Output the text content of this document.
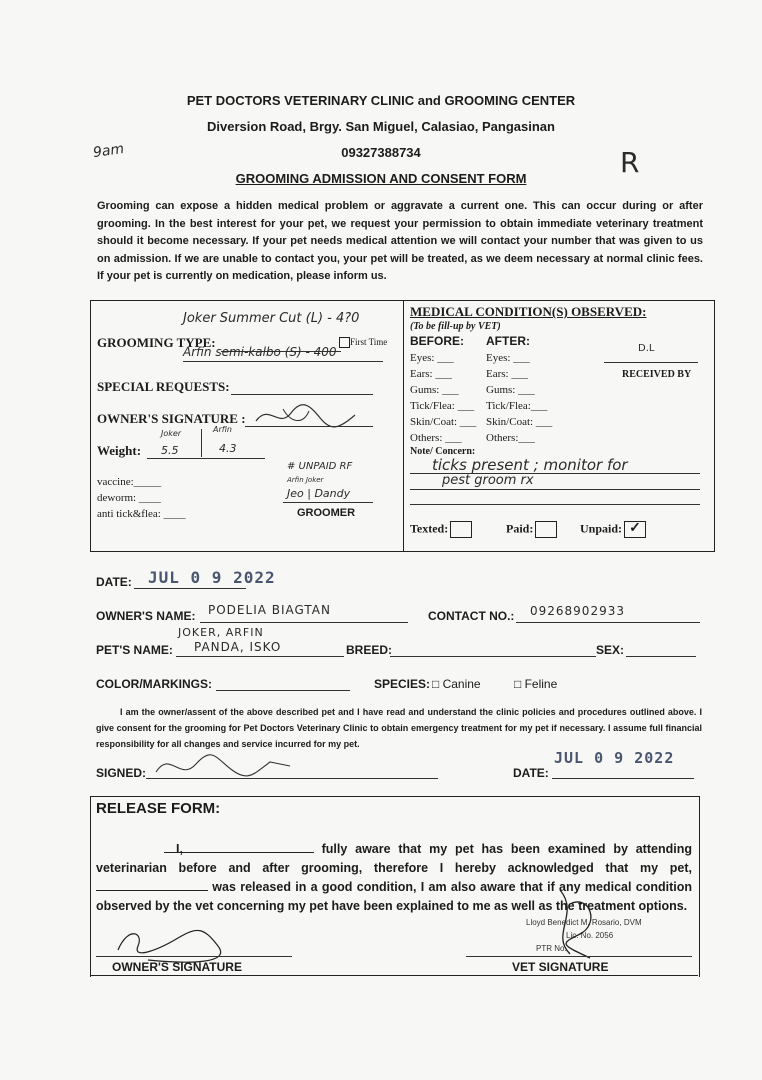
PET DOCTORS VETERINARY CLINIC and GROOMING CENTER
Diversion Road, Brgy. San Miguel, Calasiao, Pangasinan
09327388734
GROOMING ADMISSION AND CONSENT FORM
9am	R

Grooming can expose a hidden medical problem or aggravate a current one. This can occur during or after grooming. In the best interest for your pet, we request your permission to obtain immediate veterinary treatment should it become necessary. If your pet needs medical attention we will contact your number that was given to us on admission. If we are unable to contact you, your pet will be treated, as we deem necessary at normal clinic fees. If your pet is currently on medication, please inform us.

Joker Summer Cut (L) - 4?0
GROOMING TYPE:	First Time
Arfin semi-kalbo (S) - 400
SPECIAL REQUESTS:
OWNER'S SIGNATURE :
Joker	Arfin
Weight: 5.5	4.3
vaccine:_____
deworm: ____
anti tick&flea: ____
# UNPAID RF
Arfin Joker
Jeo | Dandy
GROOMER
MEDICAL CONDITION(S) OBSERVED:
(To be fill-up by VET)
BEFORE: AFTER:
Eyes: ___	Eyes: ___
Ears: ___	Ears: ___
Gums: ___ Gums: ___
Tick/Flea: ___ Tick/Flea:___
Skin/Coat: ___ Skin/Coat: ___
Others: ___ Others:___
D.L
RECEIVED BY
Note/ Concern:
ticks present ; monitor for
pest groom rx
Texted:	Paid:	Unpaid: ✓
DATE: JUL 0 9 2022
OWNER'S NAME: PODELIA BIAGTAN	CONTACT NO.: 09268902933
JOKER, ARFIN
PET'S NAME: PANDA, ISKO	BREED:	SEX:
COLOR/MARKINGS:	SPECIES: □ Canine	□ Feline

I am the owner/assent of the above described pet and I have read and understand the clinic policies and procedures outlined above. I give consent for the grooming for Pet Doctors Veterinary Clinic to obtain emergency treatment for my pet if necessary. I assume full financial responsibility for all changes and service incurred for my pet.

SIGNED:	DATE:
JUL 0 9 2022
RELEASE FORM:
I,	fully aware that my pet has been examined by attending veterinarian before and after grooming, therefore I hereby acknowledged that my pet,  was released in a good condition, I am also aware that if any medical condition observed by the vet concerning my pet have been explained to me as well as the treatment options.
Lloyd Benedict M. Rosario, DVM
Lic. No. 2056
PTR No.
OWNER'S SIGNATURE	VET SIGNATURE
